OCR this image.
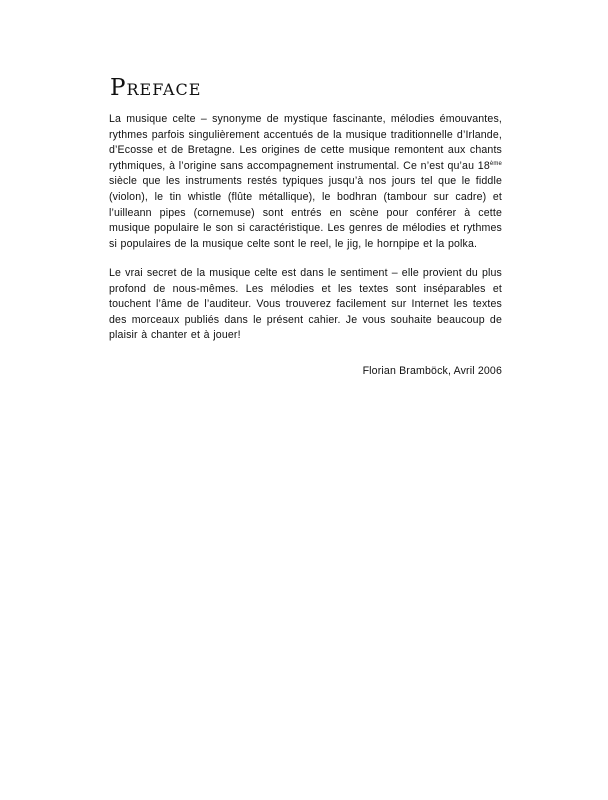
Preface

La musique celte – synonyme de mystique fascinante, mélodies émouvantes, rythmes parfois singulièrement accentués de la musique traditionnelle d’Irlande, d’Ecosse et de Bretagne. Les origines de cette musique remontent aux chants rythmiques, à l’origine sans accompagnement instrumental. Ce n’est qu’au 18ème siècle que les instruments restés typiques jusqu’à nos jours tel que le fiddle (violon), le tin whistle (flûte métallique), le bodhran (tambour sur cadre) et l’uilleann pipes (cornemuse) sont entrés en scène pour conférer à cette musique populaire le son si caractéristique. Les genres de mélodies et rythmes si populaires de la musique celte sont le reel, le jig, le hornpipe et la polka.

Le vrai secret de la musique celte est dans le sentiment – elle provient du plus profond de nous-mêmes. Les mélodies et les textes sont inséparables et touchent l’âme de l’auditeur. Vous trouverez facilement sur Internet les textes des morceaux publiés dans le présent cahier. Je vous souhaite beaucoup de plaisir à chanter et à jouer!

Florian Bramböck, Avril 2006
